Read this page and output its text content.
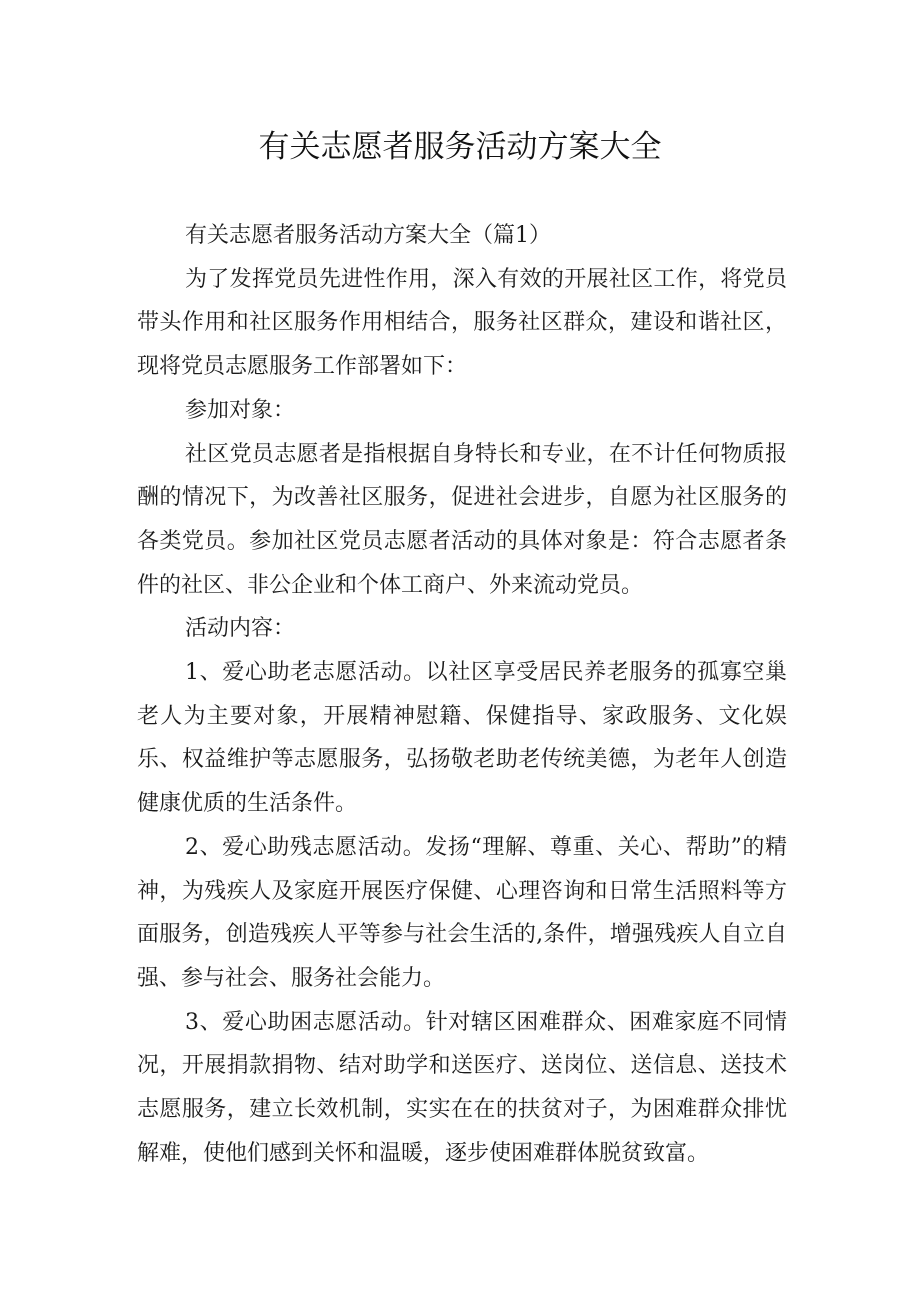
有关志愿者服务活动方案大全

有关志愿者服务活动方案大全（篇1）

为了发挥党员先进性作用，深入有效的开展社区工作，将党员带头作用和社区服务作用相结合，服务社区群众，建设和谐社区，现将党员志愿服务工作部署如下：

参加对象：

社区党员志愿者是指根据自身特长和专业，在不计任何物质报酬的情况下，为改善社区服务，促进社会进步，自愿为社区服务的各类党员。参加社区党员志愿者活动的具体对象是：符合志愿者条件的社区、非公企业和个体工商户、外来流动党员。

活动内容：

1、爱心助老志愿活动。以社区享受居民养老服务的孤寡空巢老人为主要对象，开展精神慰籍、保健指导、家政服务、文化娱乐、权益维护等志愿服务，弘扬敬老助老传统美德，为老年人创造健康优质的生活条件。

2、爱心助残志愿活动。发扬“理解、尊重、关心、帮助”的精神，为残疾人及家庭开展医疗保健、心理咨询和日常生活照料等方面服务，创造残疾人平等参与社会生活的,条件，增强残疾人自立自强、参与社会、服务社会能力。

3、爱心助困志愿活动。针对辖区困难群众、困难家庭不同情况，开展捐款捐物、结对助学和送医疗、送岗位、送信息、送技术志愿服务，建立长效机制，实实在在的扶贫对子，为困难群众排忧解难，使他们感到关怀和温暖，逐步使困难群体脱贫致富。
